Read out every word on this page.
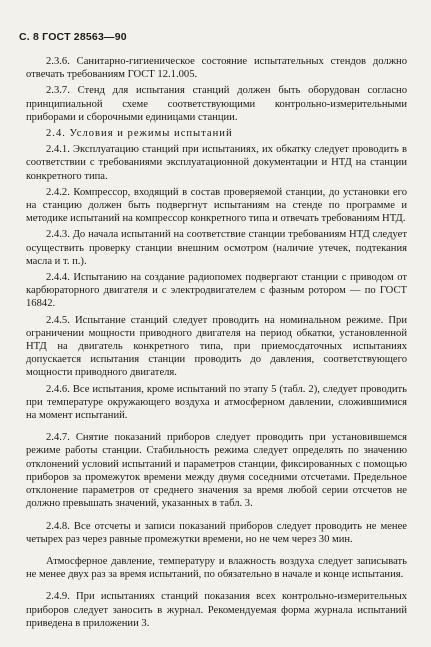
С. 8 ГОСТ 28563—90

2.3.6. Санитарно-гигиеническое состояние испытательных стендов должно отвечать требованиям ГОСТ 12.1.005.

2.3.7. Стенд для испытания станций должен быть оборудован согласно принципиальной схеме соответствующими контрольно-измерительными приборами и сборочными единицами станции.

2.4. Условия и режимы испытаний

2.4.1. Эксплуатацию станций при испытаниях, их обкатку следует проводить в соответствии с требованиями эксплуатационной документации и НТД на станции конкретного типа.

2.4.2. Компрессор, входящий в состав проверяемой станции, до установки его на станцию должен быть подвергнут испытаниям на стенде по программе и методике испытаний на компрессор конкретного типа и отвечать требованиям НТД.

2.4.3. До начала испытаний на соответствие станции требованиям НТД следует осуществить проверку станции внешним осмотром (наличие утечек, подтекания масла и т. п.).

2.4.4. Испытанию на создание радиопомех подвергают станции с приводом от карбюраторного двигателя и с электродвигателем с фазным ротором — по ГОСТ 16842.

2.4.5. Испытание станций следует проводить на номинальном режиме. При ограничении мощности приводного двигателя на период обкатки, установленной НТД на двигатель конкретного типа, при приемосдаточных испытаниях допускается испытания станции проводить до давления, соответствующего мощности приводного двигателя.

2.4.6. Все испытания, кроме испытаний по этапу 5 (табл. 2), следует проводить при температуре окружающего воздуха и атмосферном давлении, сложившимися на момент испытаний.

2.4.7. Снятие показаний приборов следует проводить при установившемся режиме работы станции. Стабильность режима следует определять по значению отклонений условий испытаний и параметров станции, фиксированных с помощью приборов за промежуток времени между двумя соседними отсчетами. Предельное отклонение параметров от среднего значения за время любой серии отсчетов не должно превышать значений, указанных в табл. 3.

2.4.8. Все отсчеты и записи показаний приборов следует проводить не менее четырех раз через равные промежутки времени, но не чем через 30 мин.

Атмосферное давление, температуру и влажность воздуха следует записывать не менее двух раз за время испытаний, по обязательно в начале и конце испытания.

2.4.9. При испытаниях станций показания всех контрольно-измерительных приборов следует заносить в журнал. Рекомендуемая форма журнала испытаний приведена в приложении 3.
